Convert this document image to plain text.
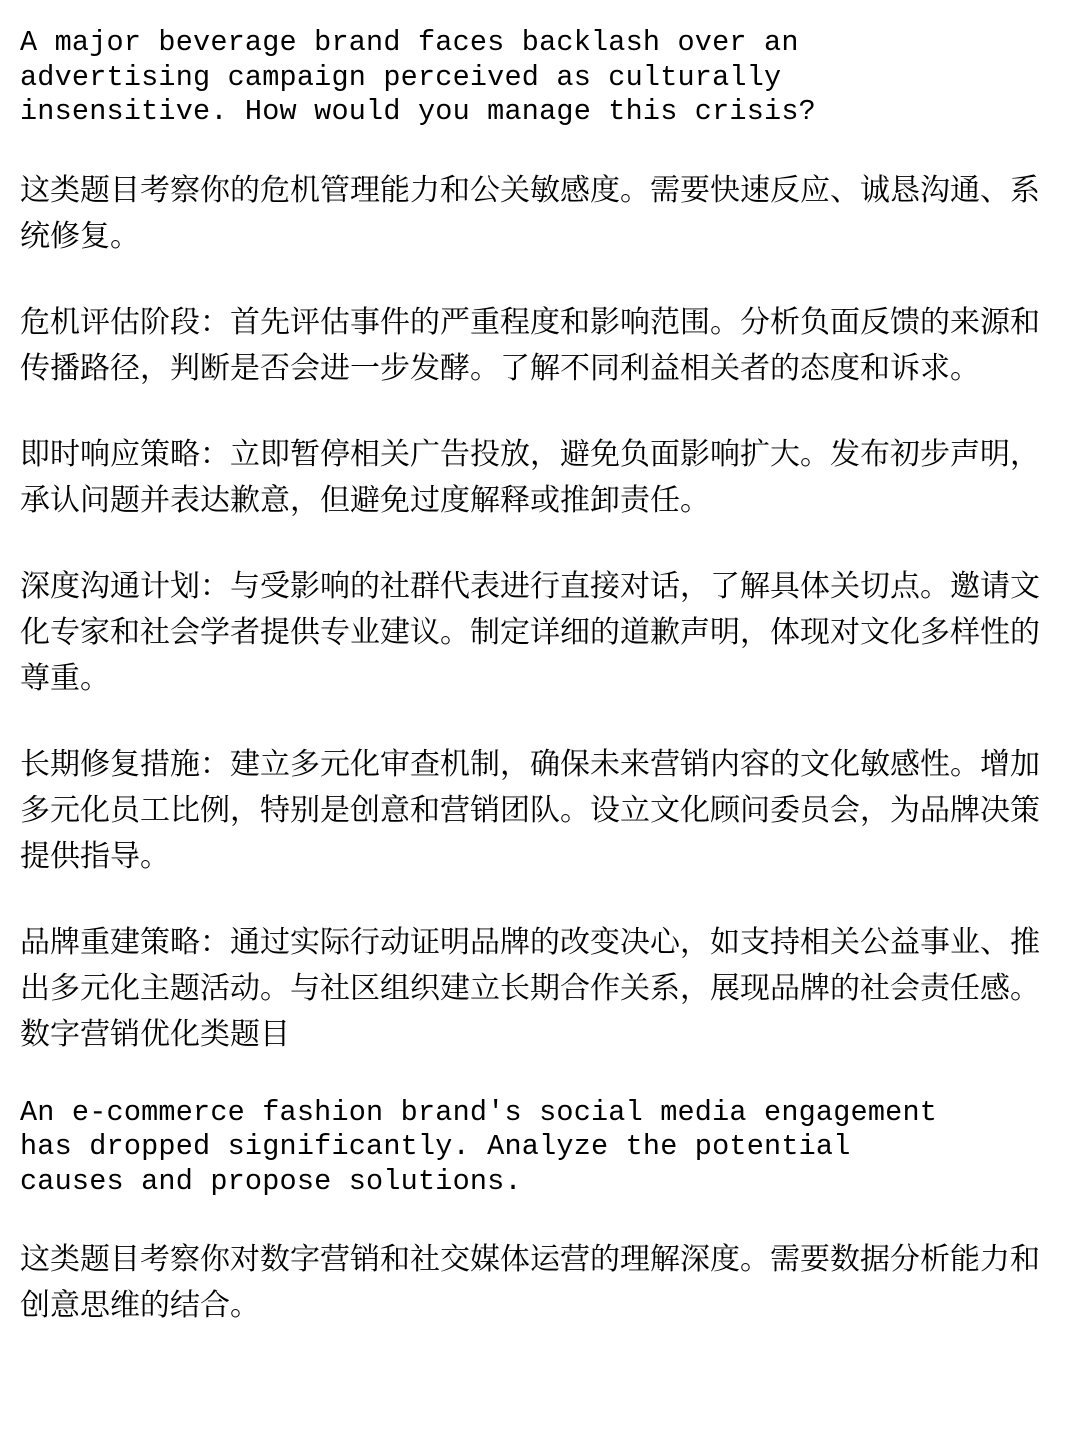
A major beverage brand faces backlash over an
advertising campaign perceived as culturally
insensitive. How would you manage this crisis?

这类题目考察你的危机管理能力和公关敏感度。需要快速反应、诚恳沟通、系统修复。

危机评估阶段：首先评估事件的严重程度和影响范围。分析负面反馈的来源和传播路径，判断是否会进一步发酵。了解不同利益相关者的态度和诉求。

即时响应策略：立即暂停相关广告投放，避免负面影响扩大。发布初步声明，承认问题并表达歉意，但避免过度解释或推卸责任。

深度沟通计划：与受影响的社群代表进行直接对话，了解具体关切点。邀请文化专家和社会学者提供专业建议。制定详细的道歉声明，体现对文化多样性的尊重。

长期修复措施：建立多元化审查机制，确保未来营销内容的文化敏感性。增加多元化员工比例，特别是创意和营销团队。设立文化顾问委员会，为品牌决策提供指导。

品牌重建策略：通过实际行动证明品牌的改变决心，如支持相关公益事业、推出多元化主题活动。与社区组织建立长期合作关系，展现品牌的社会责任感。

数字营销优化类题目

An e-commerce fashion brand's social media engagement
has dropped significantly. Analyze the potential
causes and propose solutions.

这类题目考察你对数字营销和社交媒体运营的理解深度。需要数据分析能力和创意思维的结合。
